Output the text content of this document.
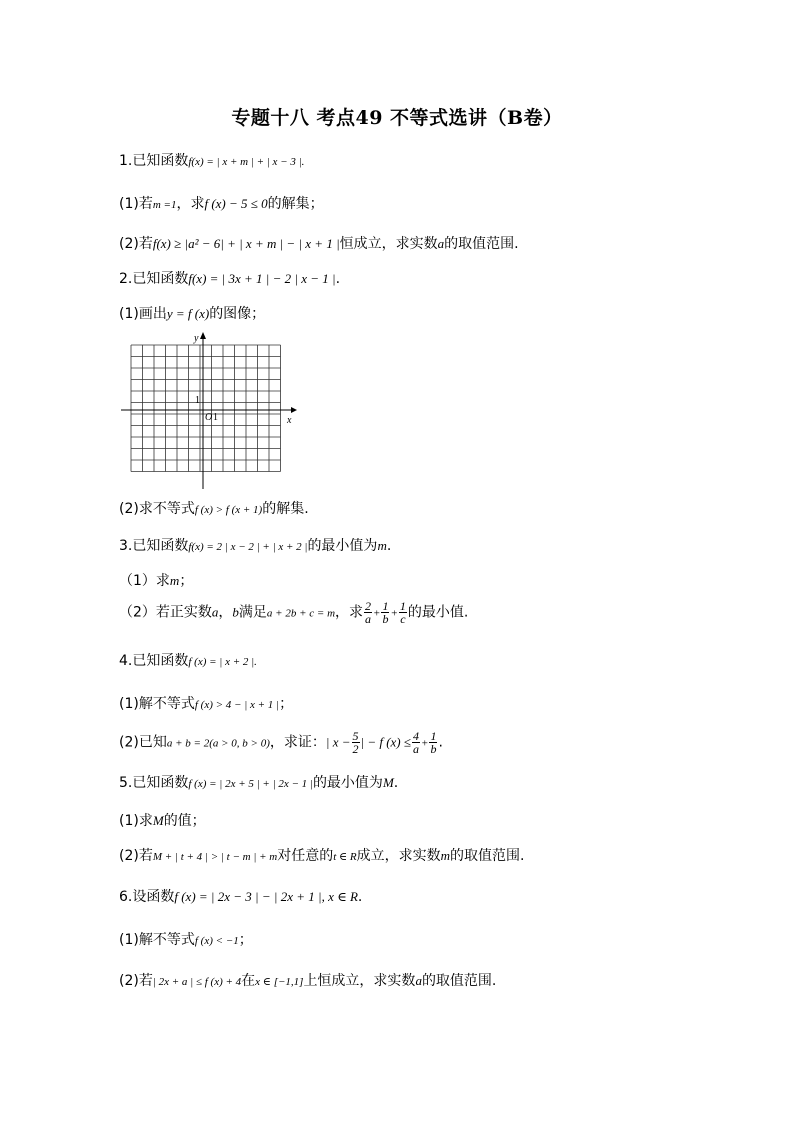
专题十八 考点49 不等式选讲（B卷）
1.已知函数f(x) = | x + m | + | x − 3 |.
(1)若m =1，求f (x) − 5 ≤ 0的解集；
(2)若f(x) ≥ |a² − 6| + | x + m | − | x + 1 |恒成立，求实数a的取值范围.
2.已知函数f(x) = | 3x + 1 | − 2 | x − 1 |.
(1)画出y = f (x)的图像；
y
x
O 1
1
(2)求不等式f (x) > f (x + 1)的解集.
3.已知函数f(x) = 2 | x − 2 | + | x + 2 |的最小值为m.
（1）求m；
（2）若正实数a，b满足a + 2b + c = m，求 $\frac{2}{a} + \frac{1}{b} + \frac{1}{c}$ 的最小值.
4.已知函数f (x) = | x + 2 |.
(1)解不等式f (x) > 4 − | x + 1 |；
(2)已知a + b = 2(a > 0, b > 0)，求证：| $x - \frac{5}{2}$ | − f $(x) \le \frac{4}{a} + \frac{1}{b}$ .
5.已知函数f (x) = | 2x + 5 | + | 2x − 1 |的最小值为M.
(1)求M的值；
(2)若M + | t + 4 | > | t − m | + m对任意的t ∈ R成立，求实数m的取值范围.
6.设函数f (x) = | 2x − 3 | − | 2x + 1 |, x ∈ R.
(1)解不等式f (x) < −1；
(2)若| 2x + a | ≤ f (x) + 4在x ∈ [−1,1]上恒成立，求实数a的取值范围.
